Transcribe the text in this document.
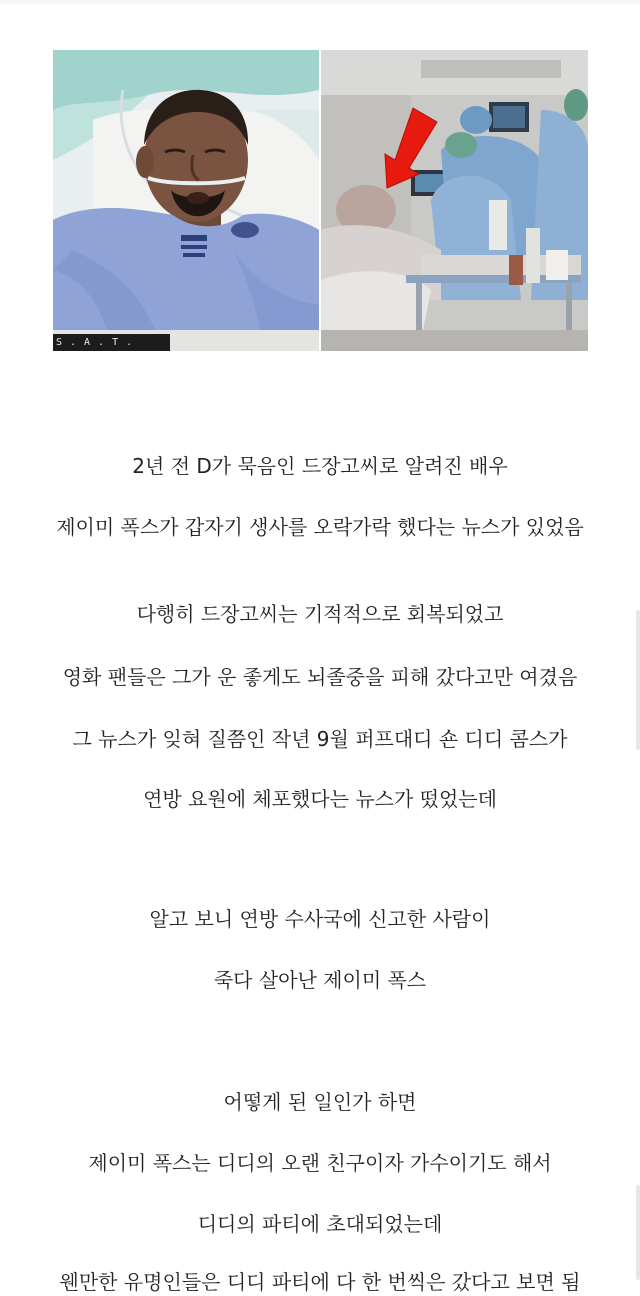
S.A.T.
2년 전 D가 묵음인 드장고씨로 알려진 배우
제이미 폭스가 갑자기 생사를 오락가락 했다는 뉴스가 있었음
다행히 드장고씨는 기적적으로 회복되었고
영화 팬들은 그가 운 좋게도 뇌졸중을 피해 갔다고만 여겼음
그 뉴스가 잊혀 질쯤인 작년 9월 퍼프대디 숀 디디 콤스가
연방 요원에 체포했다는 뉴스가 떴었는데
알고 보니 연방 수사국에 신고한 사람이
죽다 살아난 제이미 폭스
어떻게 된 일인가 하면
제이미 폭스는 디디의 오랜 친구이자 가수이기도 해서
디디의 파티에 초대되었는데
웬만한 유명인들은 디디 파티에 다 한 번씩은 갔다고 보면 됨
